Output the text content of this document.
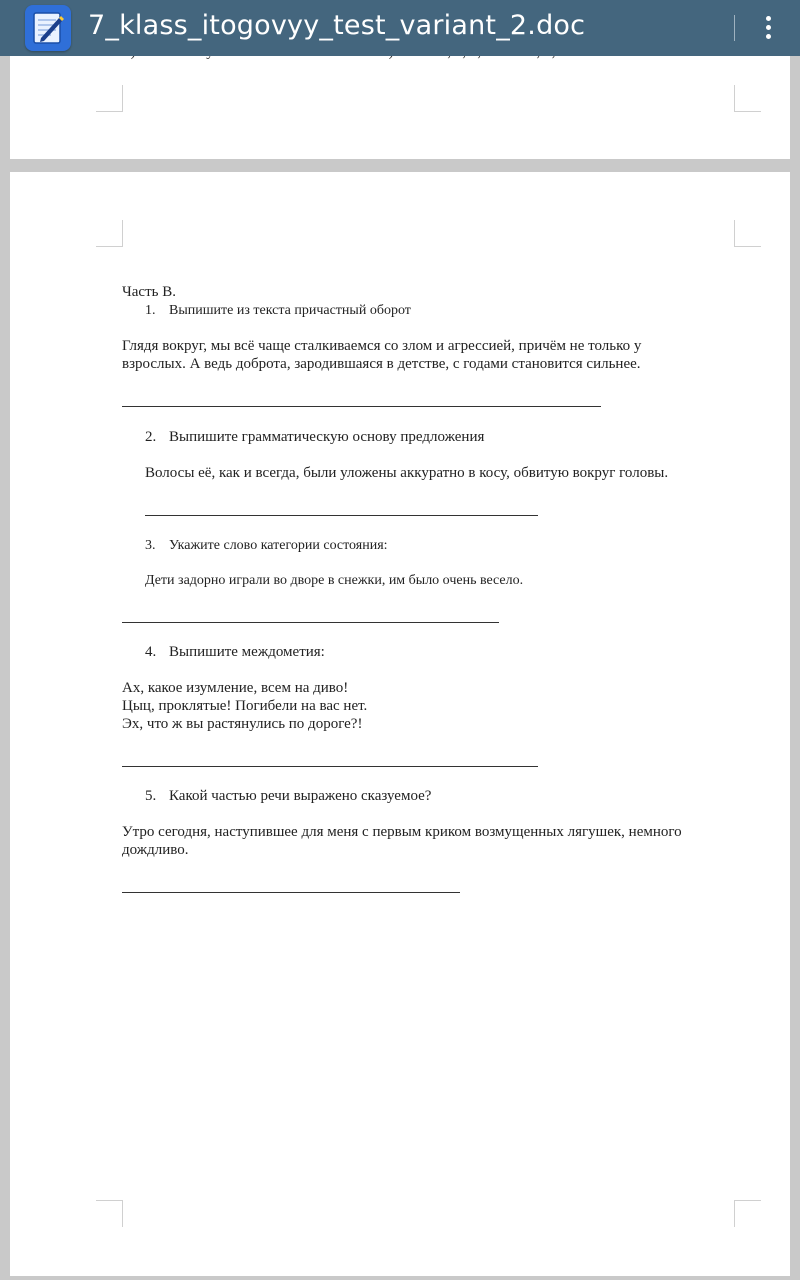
7_klass_itogovyy_test_variant_2.doc
Часть В.
1. Выпишите из текста причастный оборот
Глядя вокруг, мы всё чаще сталкиваемся со злом и агрессией, причём не только у
взрослых. А ведь доброта, зародившаяся в детстве, с годами становится сильнее.
2. Выпишите грамматическую основу предложения
Волосы её, как и всегда, были уложены аккуратно в косу, обвитую вокруг головы.
3. Укажите слово категории состояния:
Дети задорно играли во дворе в снежки, им было очень весело.
4. Выпишите междометия:
Ах, какое изумление, всем на диво!
Цыц, проклятые! Погибели на вас нет.
Эх, что ж вы растянулись по дороге?!
5. Какой частью речи выражено сказуемое?
Утро сегодня, наступившее для меня с первым криком возмущенных лягушек, немного
дождливо.
